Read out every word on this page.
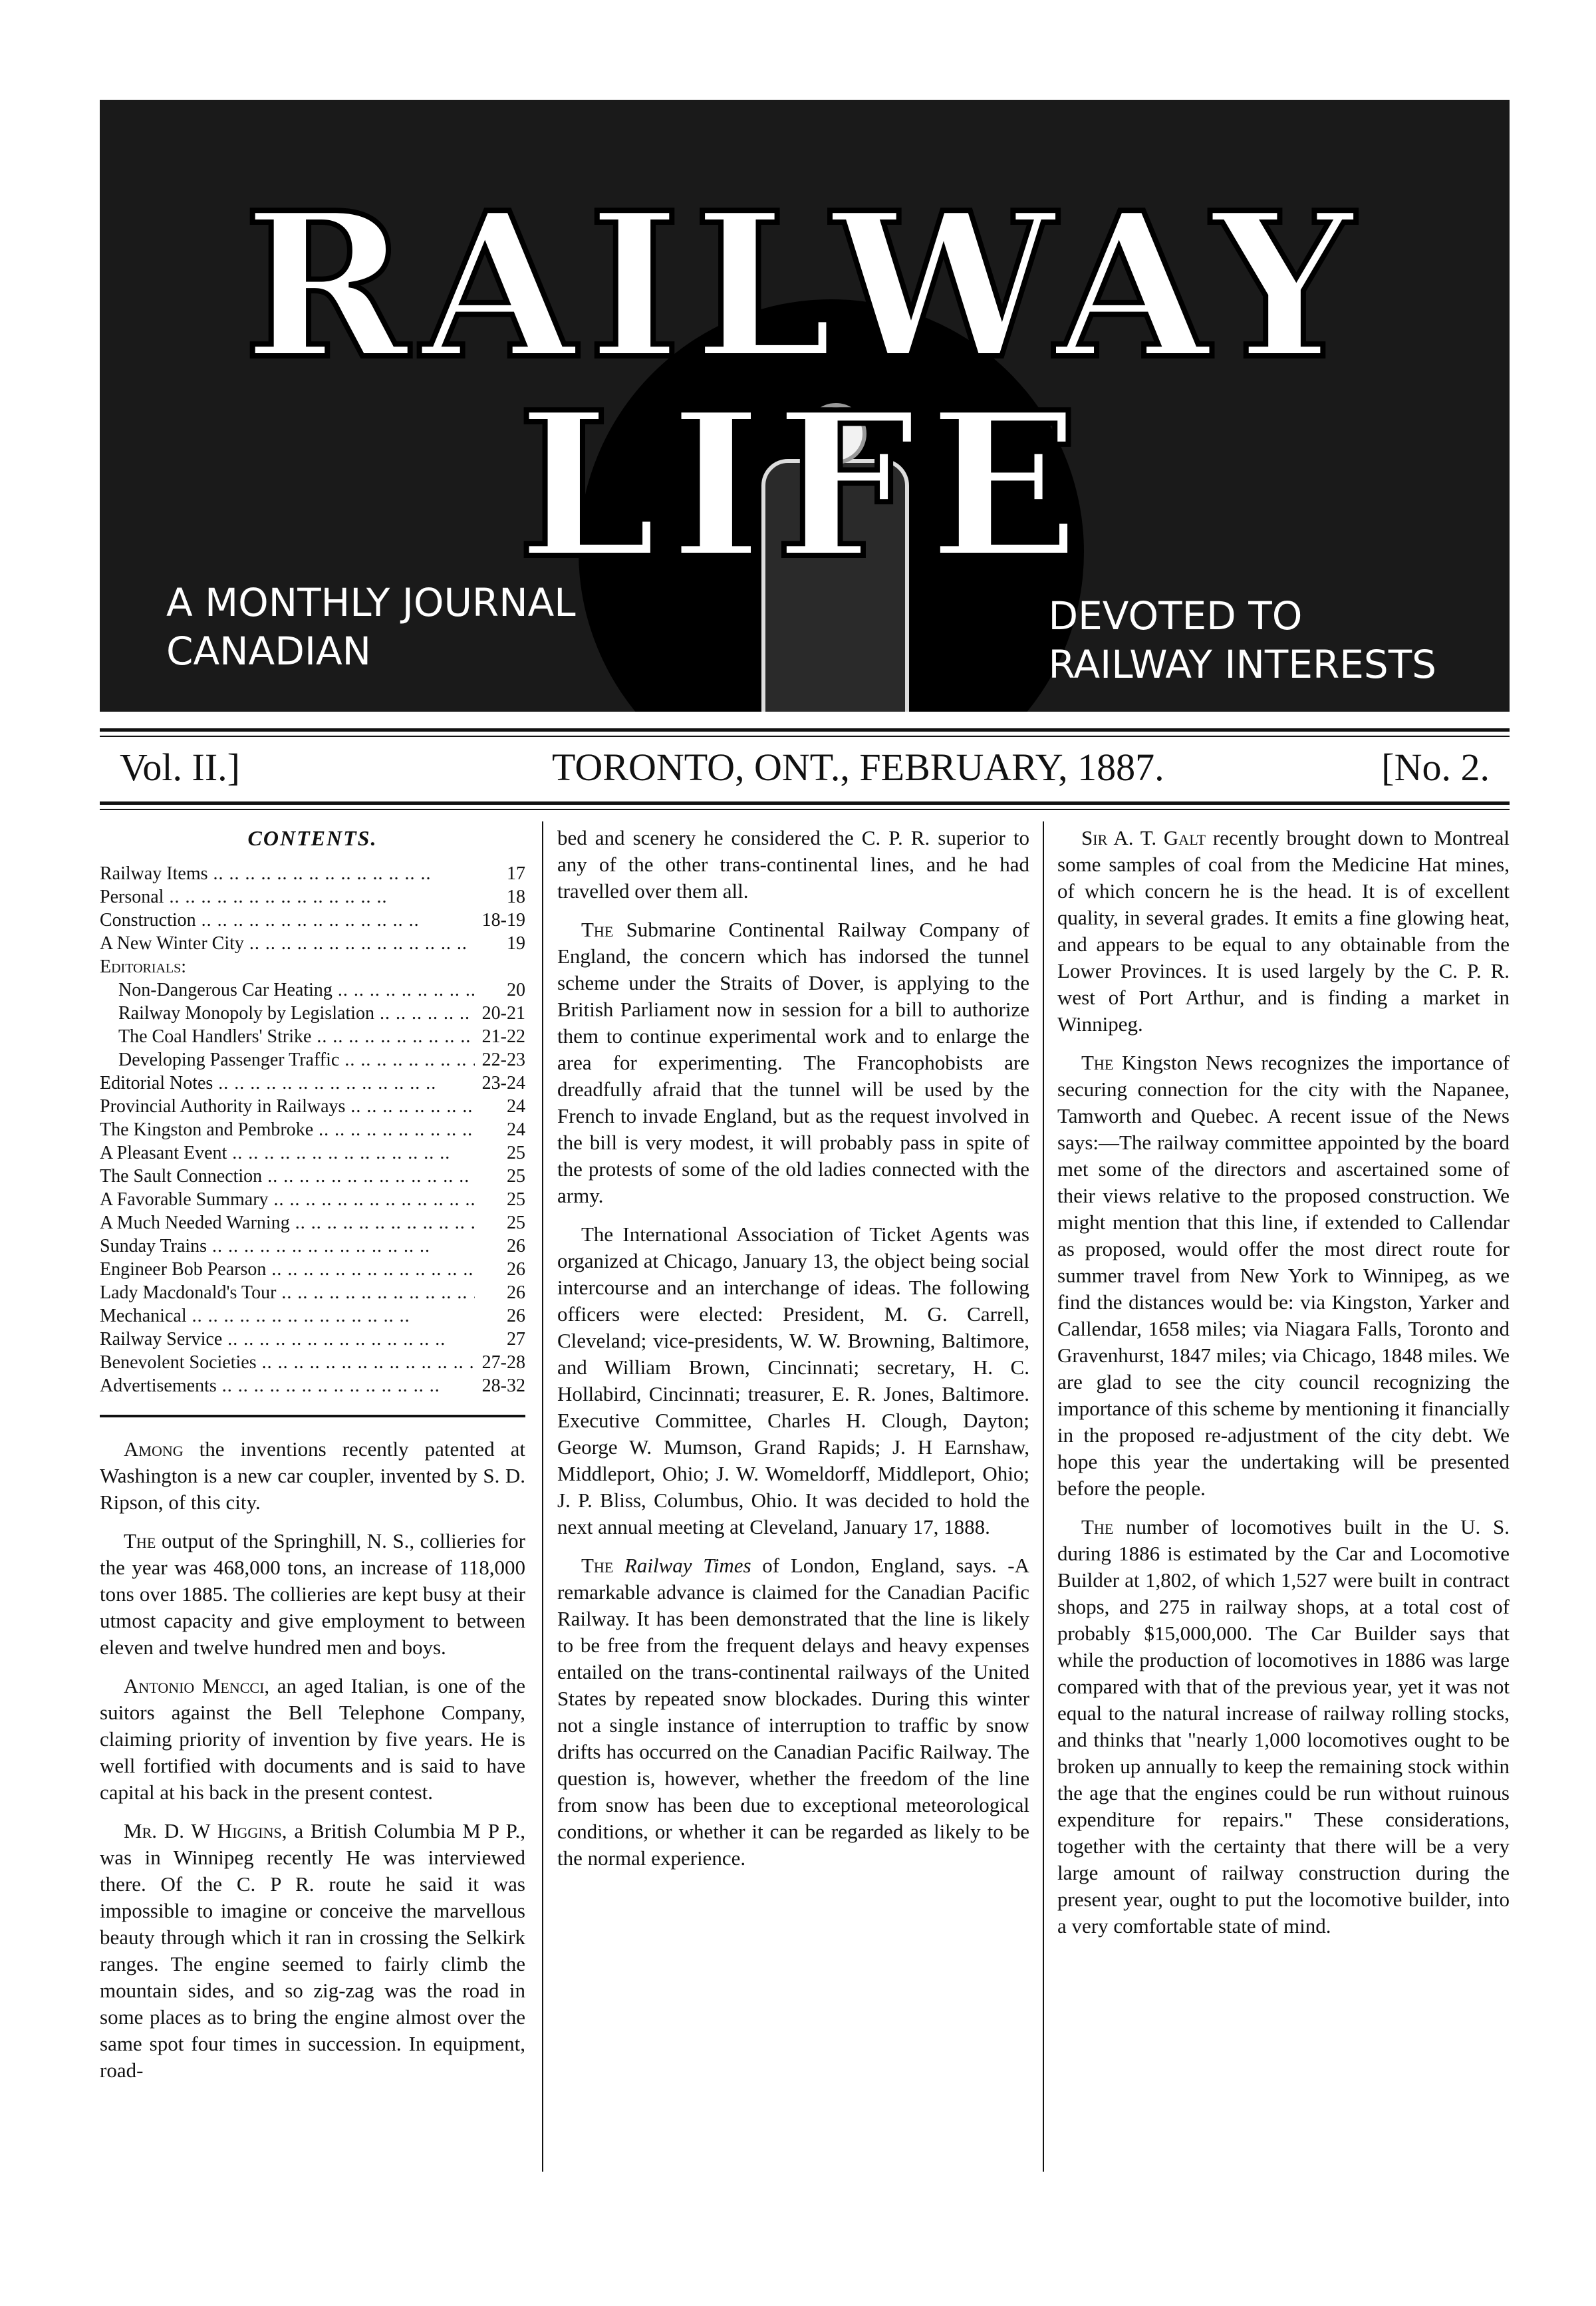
RAILWAY LIFE
A MONTHLY JOURNAL
CANADIAN
DEVOTED TO
RAILWAY INTERESTS
Vol. II.]	TORONTO, ONT., FEBRUARY, 1887.	[No. 2.
CONTENTS.
Railway Items .. ..	17
Personal .. ..	18
Construction .. ..	18-19
A New Winter City .. ..	19
Editorials:
Non-Dangerous Car Heating .. ..	20
Railway Monopoly by Legislation .. ..	20-21
The Coal Handlers' Strike .. ..	21-22
Developing Passenger Traffic .. ..	22-23
Editorial Notes .. ..	23-24
Provincial Authority in Railways .. ..	24
The Kingston and Pembroke .. ..	24
A Pleasant Event .. ..	25
The Sault Connection .. ..	25
A Favorable Summary .. ..	25
A Much Needed Warning .. ..	25
Sunday Trains .. ..	26
Engineer Bob Pearson .. ..	26
Lady Macdonald's Tour .. ..	26
Mechanical .. ..	26
Railway Service .. ..	27
Benevolent Societies .. ..	27-28
Advertisements .. ..	28-32

Among the inventions recently patented at Washington is a new car coupler, invented by S. D. Ripson, of this city.

The output of the Springhill, N. S., collieries for the year was 468,000 tons, an increase of 118,000 tons over 1885. The collieries are kept busy at their utmost capacity and give employment to between eleven and twelve hundred men and boys.

Antonio Menccі, an aged Italian, is one of the suitors against the Bell Telephone Company, claiming priority of invention by five years. He is well fortified with documents and is said to have capital at his back in the present contest.

Mr. D. W Higgins, a British Columbia M P P., was in Winnipeg recently He was interviewed there. Of the C. P R. route he said it was impossible to imagine or conceive the marvellous beauty through which it ran in crossing the Selkirk ranges. The engine seemed to fairly climb the mountain sides, and so zig-zag was the road in some places as to bring the engine almost over the same spot four times in succession. In equipment, road-

bed and scenery he considered the C. P. R. superior to any of the other trans-continental lines, and he had travelled over them all.

The Submarine Continental Railway Company of England, the concern which has indorsed the tunnel scheme under the Straits of Dover, is applying to the British Parliament now in session for a bill to authorize them to continue experimental work and to enlarge the area for experimenting. The Francophobists are dreadfully afraid that the tunnel will be used by the French to invade England, but as the request involved in the bill is very modest, it will probably pass in spite of the protests of some of the old ladies connected with the army.

The International Association of Ticket Agents was organized at Chicago, January 13, the object being social intercourse and an interchange of ideas. The following officers were elected: President, M. G. Carrell, Cleveland; vice-presidents, W. W. Browning, Baltimore, and William Brown, Cincinnati; secretary, H. C. Hollabird, Cincinnati; treasurer, E. R. Jones, Baltimore. Executive Committee, Charles H. Clough, Dayton; George W. Mumson, Grand Rapids; J. H Earnshaw, Middleport, Ohio; J. W. Womeldorff, Middleport, Ohio; J. P. Bliss, Columbus, Ohio. It was decided to hold the next annual meeting at Cleveland, January 17, 1888.

The Railway Times of London, England, says. -A remarkable advance is claimed for the Canadian Pacific Railway. It has been demonstrated that the line is likely to be free from the frequent delays and heavy expenses entailed on the trans-continental railways of the United States by repeated snow blockades. During this winter not a single instance of interruption to traffic by snow drifts has occurred on the Canadian Pacific Railway. The question is, however, whether the freedom of the line from snow has been due to exceptional meteorological conditions, or whether it can be regarded as likely to be the normal experience.

Sir A. T. Galt recently brought down to Montreal some samples of coal from the Medicine Hat mines, of which concern he is the head. It is of excellent quality, in several grades. It emits a fine glowing heat, and appears to be equal to any obtainable from the Lower Provinces. It is used largely by the C. P. R. west of Port Arthur, and is finding a market in Winnipeg.

The Kingston News recognizes the importance of securing connection for the city with the Napanee, Tamworth and Quebec. A recent issue of the News says:—The railway committee appointed by the board met some of the directors and ascertained some of their views relative to the proposed construction. We might mention that this line, if extended to Callendar as proposed, would offer the most direct route for summer travel from New York to Winnipeg, as we find the distances would be: via Kingston, Yarker and Callendar, 1658 miles; via Niagara Falls, Toronto and Gravenhurst, 1847 miles; via Chicago, 1848 miles. We are glad to see the city council recognizing the importance of this scheme by mentioning it financially in the proposed re-adjustment of the city debt. We hope this year the undertaking will be presented before the people.

The number of locomotives built in the U. S. during 1886 is estimated by the Car and Locomotive Builder at 1,802, of which 1,527 were built in contract shops, and 275 in railway shops, at a total cost of probably $15,000,000. The Car Builder says that while the production of locomotives in 1886 was large compared with that of the previous year, yet it was not equal to the natural increase of railway rolling stocks, and thinks that "nearly 1,000 locomotives ought to be broken up annually to keep the remaining stock within the age that the engines could be run without ruinous expenditure for repairs." These considerations, together with the certainty that there will be a very large amount of railway construction during the present year, ought to put the locomotive builder, into a very comfortable state of mind.
